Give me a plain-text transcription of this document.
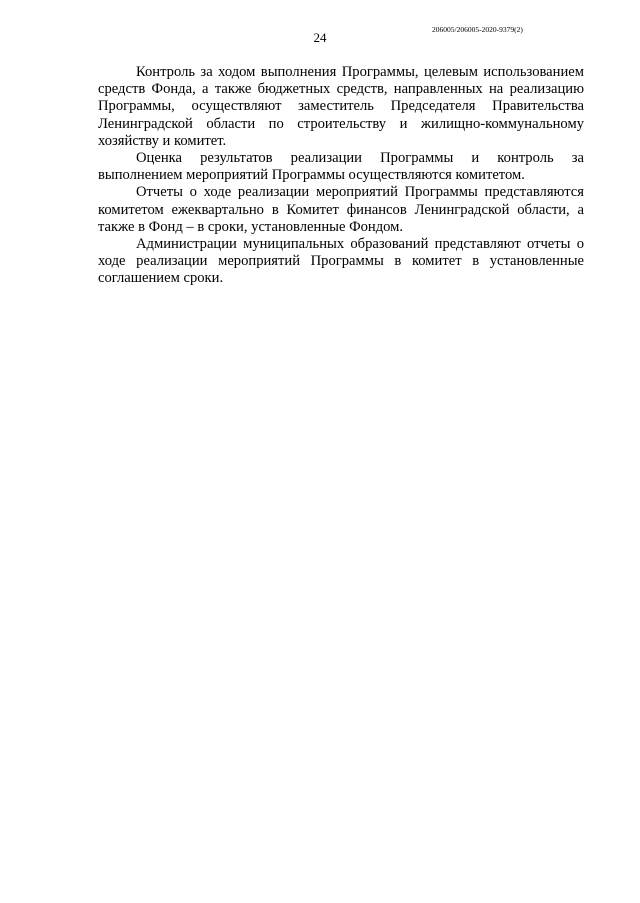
206005/206005-2020-9379(2)
24

Контроль за ходом выполнения Программы, целевым использованием средств Фонда, а также бюджетных средств, направленных на реализацию Программы, осуществляют заместитель Председателя Правительства Ленинградской области по строительству и жилищно-коммунальному хозяйству и комитет.

Оценка результатов реализации Программы и контроль за выполнением мероприятий Программы осуществляются комитетом.

Отчеты о ходе реализации мероприятий Программы представляются комитетом ежеквартально в Комитет финансов Ленинградской области, а также в Фонд – в сроки, установленные Фондом.

Администрации муниципальных образований представляют отчеты о ходе реализации мероприятий Программы в комитет в установленные соглашением сроки.
